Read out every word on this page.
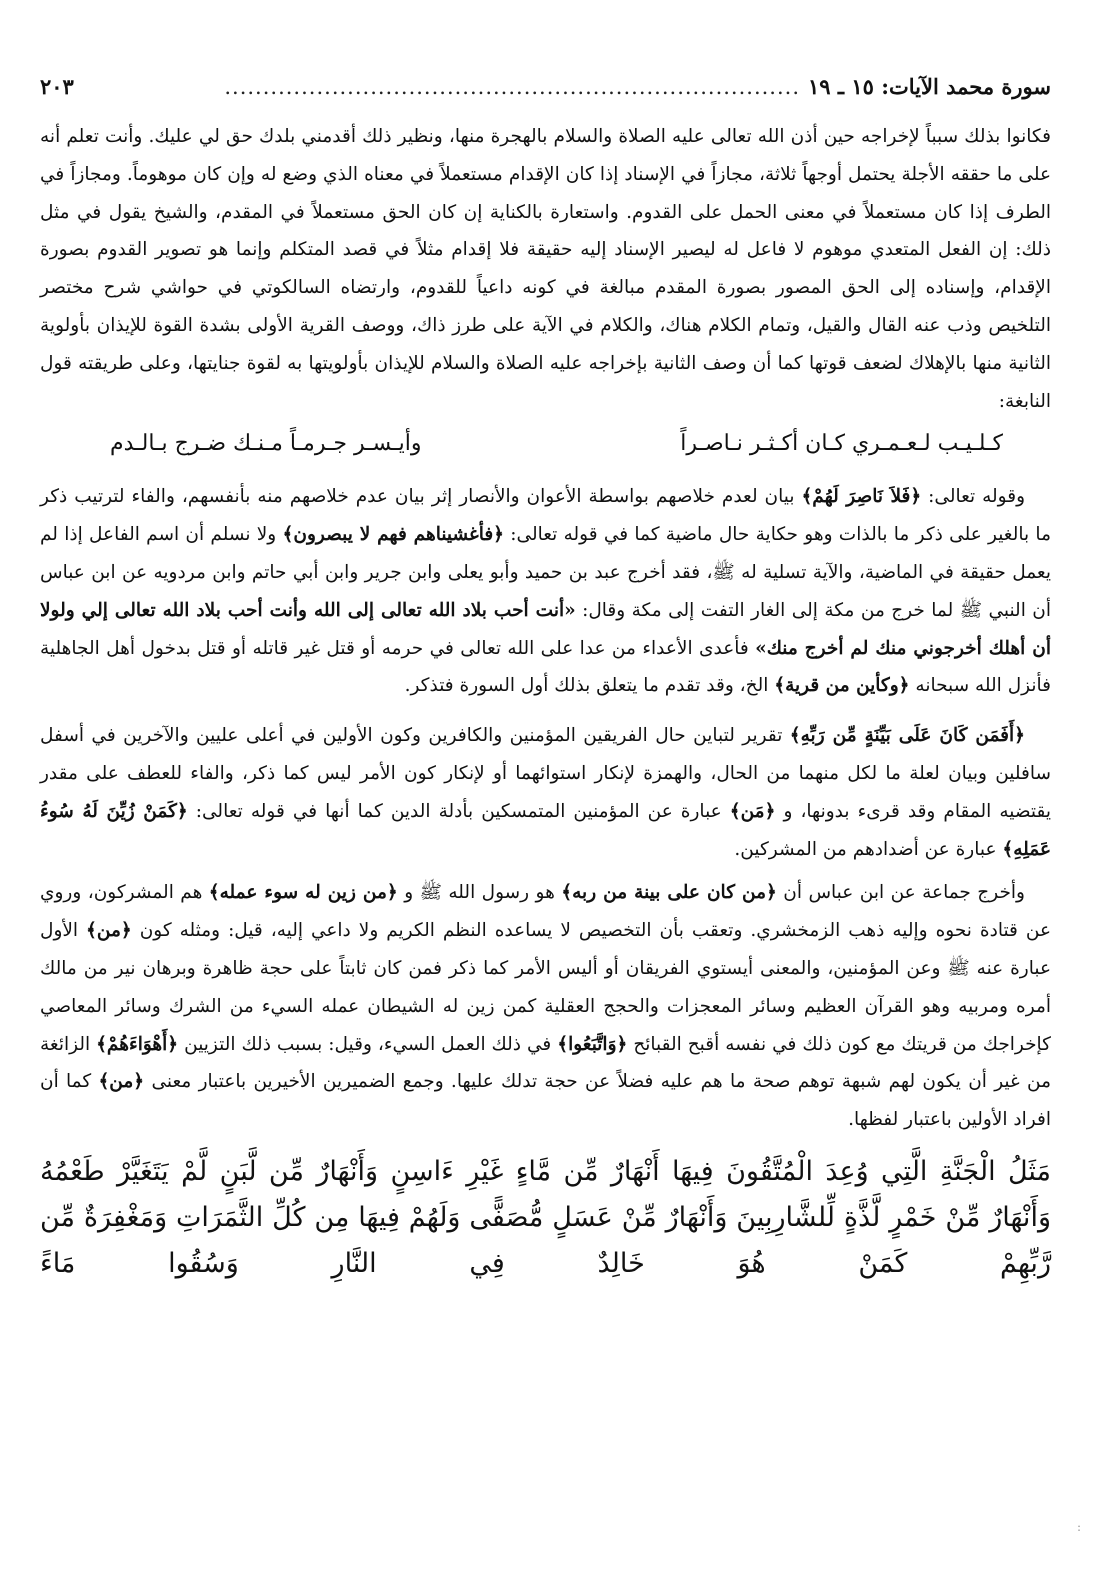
سورة محمد الآيات: ١٥ ـ ١٩
...........................................................................
٢٠٣

فكانوا بذلك سبباً لإخراجه حين أذن الله تعالى عليه الصلاة والسلام بالهجرة منها، ونظير ذلك أقدمني بلدك حق لي عليك. وأنت تعلم أنه على ما حققه الأجلة يحتمل أوجهاً ثلاثة، مجازاً في الإسناد إذا كان الإقدام مستعملاً في معناه الذي وضع له وإن كان موهوماً. ومجازاً في الطرف إذا كان مستعملاً في معنى الحمل على القدوم. واستعارة بالكناية إن كان الحق مستعملاً في المقدم، والشيخ يقول في مثل ذلك: إن الفعل المتعدي موهوم لا فاعل له ليصير الإسناد إليه حقيقة فلا إقدام مثلاً في قصد المتكلم وإنما هو تصوير القدوم بصورة الإقدام، وإسناده إلى الحق المصور بصورة المقدم مبالغة في كونه داعياً للقدوم، وارتضاه السالكوتي في حواشي شرح مختصر التلخيص وذب عنه القال والقيل، وتمام الكلام هناك، والكلام في الآية على طرز ذاك، ووصف القرية الأولى بشدة القوة للإيذان بأولوية الثانية منها بالإهلاك لضعف قوتها كما أن وصف الثانية بإخراجه عليه الصلاة والسلام للإيذان بأولويتها به لقوة جنايتها، وعلى طريقته قول النابغة:

كـلـيـب لـعـمـري كـان أكـثـر نـاصـراً
وأيـسـر جـرمـاً مـنـك ضـرج بـالـدم

وقوله تعالى: ﴿فَلاَ نَاصِرَ لَهُمْ﴾ بيان لعدم خلاصهم بواسطة الأعوان والأنصار إثر بيان عدم خلاصهم منه بأنفسهم، والفاء لترتيب ذكر ما بالغير على ذكر ما بالذات وهو حكاية حال ماضية كما في قوله تعالى: ﴿فأغشيناهم فهم لا يبصرون﴾ ولا نسلم أن اسم الفاعل إذا لم يعمل حقيقة في الماضية، والآية تسلية له ﷺ، فقد أخرج عبد بن حميد وأبو يعلى وابن جرير وابن أبي حاتم وابن مردويه عن ابن عباس أن النبي ﷺ لما خرج من مكة إلى الغار التفت إلى مكة وقال: «أنت أحب بلاد الله تعالى إلى الله وأنت أحب بلاد الله تعالى إلي ولولا أن أهلك أخرجوني منك لم أخرج منك» فأعدى الأعداء من عدا على الله تعالى في حرمه أو قتل غير قاتله أو قتل بدخول أهل الجاهلية فأنزل الله سبحانه ﴿وكأين من قرية﴾ الخ، وقد تقدم ما يتعلق بذلك أول السورة فتذكر.

﴿أَفَمَن كَانَ عَلَى بَيِّنَةٍ مِّن رَبِّهِ﴾ تقرير لتباين حال الفريقين المؤمنين والكافرين وكون الأولين في أعلى عليين والآخرين في أسفل سافلين وبيان لعلة ما لكل منهما من الحال، والهمزة لإنكار استوائهما أو لإنكار كون الأمر ليس كما ذكر، والفاء للعطف على مقدر يقتضيه المقام وقد قرىء بدونها، و ﴿مَن﴾ عبارة عن المؤمنين المتمسكين بأدلة الدين كما أنها في قوله تعالى: ﴿كَمَنْ زُيِّنَ لَهُ سُوءُ عَمَلِهِ﴾ عبارة عن أضدادهم من المشركين.

وأخرج جماعة عن ابن عباس أن ﴿من كان على بينة من ربه﴾ هو رسول الله ﷺ و ﴿من زين له سوء عمله﴾ هم المشركون، وروي عن قتادة نحوه وإليه ذهب الزمخشري. وتعقب بأن التخصيص لا يساعده النظم الكريم ولا داعي إليه، قيل: ومثله كون ﴿من﴾ الأول عبارة عنه ﷺ وعن المؤمنين، والمعنى أيستوي الفريقان أو أليس الأمر كما ذكر فمن كان ثابتاً على حجة ظاهرة وبرهان نير من مالك أمره ومربيه وهو القرآن العظيم وسائر المعجزات والحجج العقلية كمن زين له الشيطان عمله السيء من الشرك وسائر المعاصي كإخراجك من قريتك مع كون ذلك في نفسه أقبح القبائح ﴿وَاتَّبَعُوا﴾ في ذلك العمل السيء، وقيل: بسبب ذلك التزيين ﴿أَهْوَاءَهُمْ﴾ الزائغة من غير أن يكون لهم شبهة توهم صحة ما هم عليه فضلاً عن حجة تدلك عليها. وجمع الضميرين الأخيرين باعتبار معنى ﴿من﴾ كما أن افراد الأولين باعتبار لفظها.

مَثَلُ الْجَنَّةِ الَّتِي وُعِدَ الْمُتَّقُونَ فِيهَا أَنْهَارٌ مِّن مَّاءٍ غَيْرِ ءَاسِنٍ وَأَنْهَارٌ مِّن لَّبَنٍ لَّمْ يَتَغَيَّرْ طَعْمُهُ وَأَنْهَارٌ مِّنْ خَمْرٍ لَّذَّةٍ لِّلشَّارِبِينَ وَأَنْهَارٌ مِّنْ عَسَلٍ مُّصَفًّى وَلَهُمْ فِيهَا مِن كُلِّ الثَّمَرَاتِ وَمَغْفِرَةٌ مِّن رَّبِّهِمْ كَمَنْ هُوَ خَالِدٌ فِي النَّارِ وَسُقُوا مَاءً

:
